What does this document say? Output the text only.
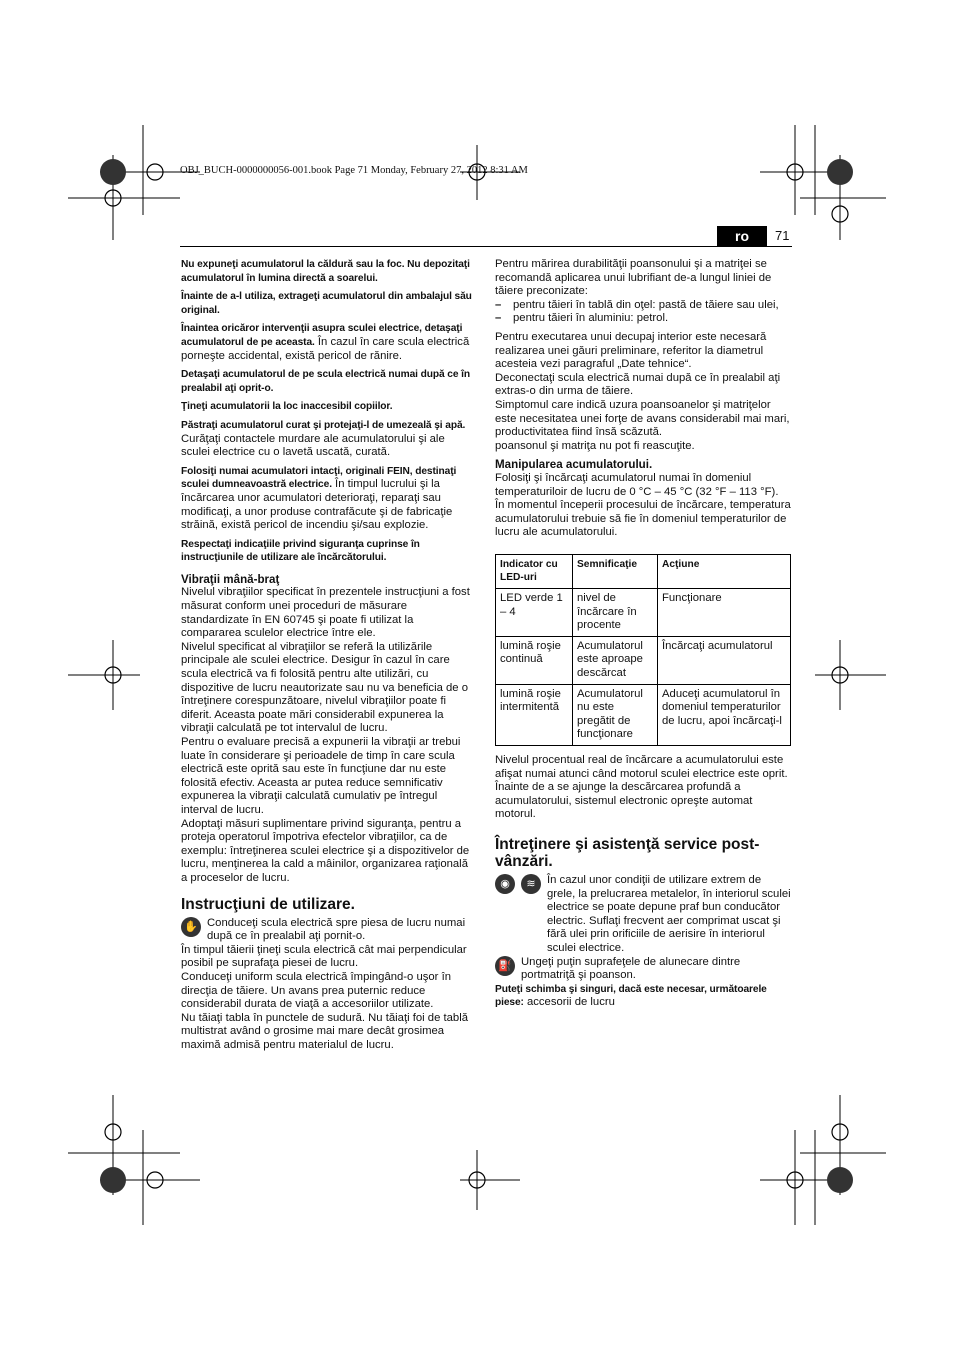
OBJ_BUCH-0000000056-001.book Page 71 Monday, February 27, 2012 8:31 AM
ro	71

Nu expuneţi acumulatorul la căldură sau la foc. Nu depozitaţi acumulatorul în lumina directă a soarelui.

Înainte de a-l utiliza, extrageţi acumulatorul din ambalajul său original.

Înaintea oricăror intervenţii asupra sculei electrice, detaşaţi acumulatorul de pe aceasta. În cazul în care scula electrică porneşte accidental, există pericol de rănire.

Detaşaţi acumulatorul de pe scula electrică numai după ce în prealabil aţi oprit-o.

Ţineţi acumulatorii la loc inaccesibil copiilor.

Păstraţi acumulatorul curat şi protejaţi-l de umezeală şi apă. Curăţaţi contactele murdare ale acumulatorului şi ale sculei electrice cu o lavetă uscată, curată.

Folosiţi numai acumulatori intacţi, originali FEIN, destinaţi sculei dumneavoastră electrice. În timpul lucrului şi la încărcarea unor acumulatori deterioraţi, reparaţi sau modificaţi, a unor produse contrafăcute şi de fabricaţie străină, există pericol de incendiu şi/sau explozie.

Respectaţi indicaţiile privind siguranţa cuprinse în instrucţiunile de utilizare ale încărcătorului.

Vibraţii mână-braţ

Nivelul vibraţiilor specificat în prezentele instrucţiuni a fost măsurat conform unei proceduri de măsurare standardizate în EN 60745 şi poate fi utilizat la compararea sculelor electrice între ele.

Nivelul specificat al vibraţiilor se referă la utilizările principale ale sculei electrice. Desigur în cazul în care scula electrică va fi folosită pentru alte utilizări, cu dispozitive de lucru neautorizate sau nu va beneficia de o întreţinere corespunzătoare, nivelul vibraţiilor poate fi diferit. Aceasta poate mări considerabil expunerea la vibraţii calculată pe tot intervalul de lucru.

Pentru o evaluare precisă a expunerii la vibraţii ar trebui luate în considerare şi perioadele de timp în care scula electrică este oprită sau este în funcţiune dar nu este folosită efectiv. Aceasta ar putea reduce semnificativ expunerea la vibraţii calculată cumulativ pe întregul interval de lucru.

Adoptaţi măsuri suplimentare privind siguranţa, pentru a proteja operatorul împotriva efectelor vibraţiilor, ca de exemplu: întreţinerea sculei electrice şi a dispozitivelor de lucru, menţinerea la cald a mâinilor, organizarea raţională a proceselor de lucru.

Instrucţiuni de utilizare.
✋ Conduceţi scula electrică spre piesa de lucru numai după ce în prealabil aţi pornit-o.

În timpul tăierii ţineţi scula electrică cât mai perpendicular posibil pe suprafaţa piesei de lucru.

Conduceţi uniform scula electrică împingând-o uşor în direcţia de tăiere. Un avans prea puternic reduce considerabil durata de viaţă a accesoriilor utilizate.

Nu tăiaţi tabla în punctele de sudură. Nu tăiaţi foi de tablă multistrat având o grosime mai mare decât grosimea maximă admisă pentru materialul de lucru.

Pentru mărirea durabilităţii poansonului şi a matriţei se recomandă aplicarea unui lubrifiant de-a lungul liniei de tăiere preconizate:

– pentru tăieri în tablă din oţel: pastă de tăiere sau ulei,
– pentru tăieri în aluminiu: petrol.

Pentru executarea unui decupaj interior este necesară realizarea unei găuri preliminare, referitor la diametrul acesteia vezi paragraful „Date tehnice“.

Deconectaţi scula electrică numai după ce în prealabil aţi extras-o din urma de tăiere.

Simptomul care indică uzura poansoanelor şi matriţelor este necesitatea unei forţe de avans considerabil mai mari, productivitatea fiind însă scăzută.

poansonul şi matriţa nu pot fi reascuţite.

Manipularea acumulatorului.

Folosiţi şi încărcaţi acumulatorul numai în domeniul temperaturiloir de lucru de 0 °C – 45 °C (32 °F – 113 °F).

În momentul începerii procesului de încărcare, temperatura acumulatorului trebuie să fie în domeniul temperaturilor de lucru ale acumulatorului.

Indicator cu LED-uri	Semnificaţie	Acţiune
LED verde 1 – 4	nivel de încărcare în procente	Funcţionare
lumină roşie continuă	Acumulatorul este aproape descărcat	Încărcaţi acumulatorul
lumină roşie intermitentă	Acumulatorul nu este pregătit de funcţionare	Aduceţi acumulatorul în domeniul temperaturilor de lucru, apoi încărcaţi-l

Nivelul procentual real de încărcare a acumulatorului este afişat numai atunci când motorul sculei electrice este oprit.

Înainte de a se ajunge la descărcarea profundă a acumulatorului, sistemul electronic opreşte automat motorul.

Întreţinere şi asistenţă service post-vânzări.
◉	≋	În cazul unor condiţii de utilizare extrem de grele, la prelucrarea metalelor, în interiorul sculei electrice se poate depune praf bun conducător electric. Suflaţi frecvent aer comprimat uscat şi fără ulei prin orificiile de aerisire în interiorul sculei electrice.

⛽ Ungeţi puţin suprafeţele de alunecare dintre portmatriţă şi poanson.

Puteţi schimba şi singuri, dacă este necesar, următoarele piese: accesorii de lucru
